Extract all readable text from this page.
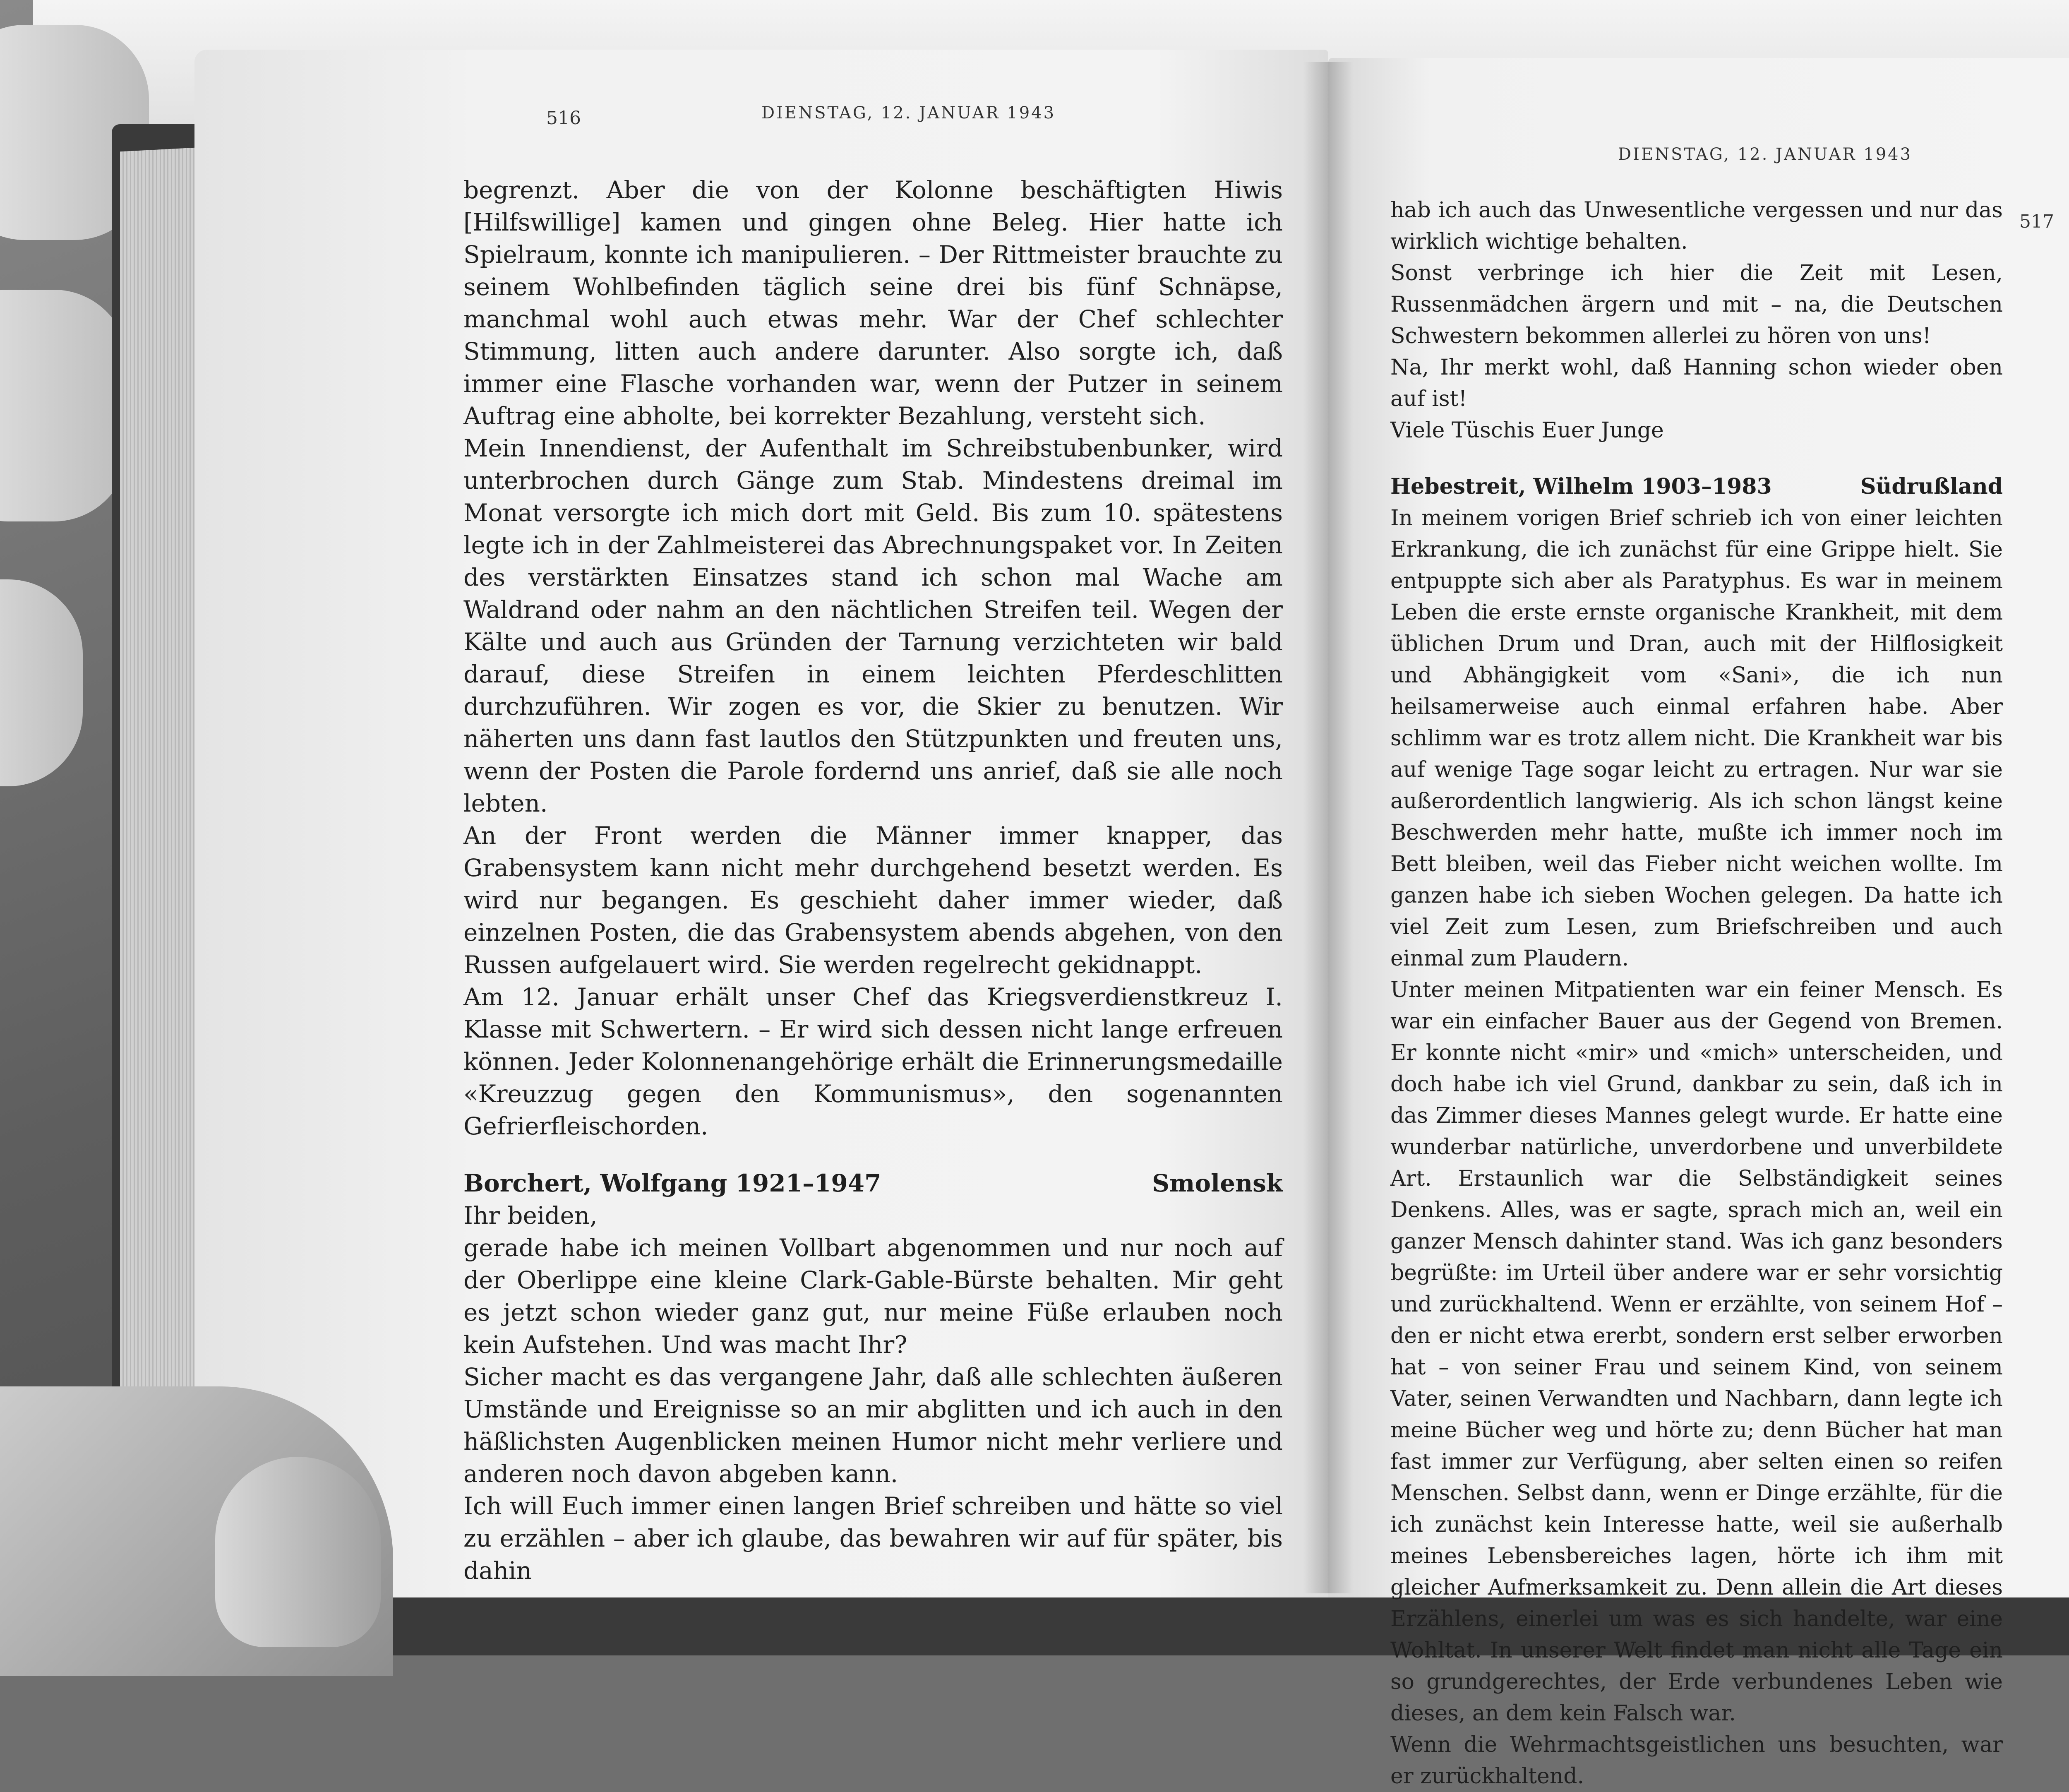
516	DIENSTAG, 12. JANUAR 1943

begrenzt. Aber die von der Kolonne beschäftigten Hiwis [Hilfswillige] kamen und gingen ohne Beleg. Hier hatte ich Spielraum, konnte ich manipulieren. – Der Rittmeister brauchte zu seinem Wohlbefinden täglich seine drei bis fünf Schnäpse, manchmal wohl auch etwas mehr. War der Chef schlechter Stimmung, litten auch andere darunter. Also sorgte ich, daß immer eine Flasche vorhanden war, wenn der Putzer in seinem Auftrag eine abholte, bei korrekter Bezahlung, versteht sich.

Mein Innendienst, der Aufenthalt im Schreibstubenbunker, wird unterbrochen durch Gänge zum Stab. Mindestens dreimal im Monat versorgte ich mich dort mit Geld. Bis zum 10. spätestens legte ich in der Zahlmeisterei das Abrechnungspaket vor. In Zeiten des verstärkten Einsatzes stand ich schon mal Wache am Waldrand oder nahm an den nächtlichen Streifen teil. Wegen der Kälte und auch aus Gründen der Tarnung verzichteten wir bald darauf, diese Streifen in einem leichten Pferdeschlitten durchzuführen. Wir zogen es vor, die Skier zu benutzen. Wir näherten uns dann fast lautlos den Stützpunkten und freuten uns, wenn der Posten die Parole fordernd uns anrief, daß sie alle noch lebten.

An der Front werden die Männer immer knapper, das Grabensystem kann nicht mehr durchgehend besetzt werden. Es wird nur begangen. Es geschieht daher immer wieder, daß einzelnen Posten, die das Grabensystem abends abgehen, von den Russen aufgelauert wird. Sie werden regelrecht gekidnappt.

Am 12. Januar erhält unser Chef das Kriegsverdienstkreuz I. Klasse mit Schwertern. – Er wird sich dessen nicht lange erfreuen können. Jeder Kolonnenangehörige erhält die Erinnerungsmedaille «Kreuzzug gegen den Kommunismus», den sogenannten Gefrierfleischorden.

Borchert, Wolfgang 1921–1947	Smolensk

Ihr beiden,

gerade habe ich meinen Vollbart abgenommen und nur noch auf der Oberlippe eine kleine Clark-Gable-Bürste behalten. Mir geht es jetzt schon wieder ganz gut, nur meine Füße erlauben noch kein Aufstehen. Und was macht Ihr?

Sicher macht es das vergangene Jahr, daß alle schlechten äußeren Umstände und Ereignisse so an mir abglitten und ich auch in den häßlichsten Augenblicken meinen Humor nicht mehr verliere und anderen noch davon abgeben kann.

Ich will Euch immer einen langen Brief schreiben und hätte so viel zu erzählen – aber ich glaube, das bewahren wir auf für später, bis dahin

DIENSTAG, 12. JANUAR 1943
517

hab ich auch das Unwesentliche vergessen und nur das wirklich wichtige behalten.

Sonst verbringe ich hier die Zeit mit Lesen, Russenmädchen ärgern und mit – na, die Deutschen Schwestern bekommen allerlei zu hören von uns!

Na, Ihr merkt wohl, daß Hanning schon wieder oben auf ist!

Viele Tüschis Euer Junge

Hebestreit, Wilhelm 1903–1983	Südrußland

In meinem vorigen Brief schrieb ich von einer leichten Erkrankung, die ich zunächst für eine Grippe hielt. Sie entpuppte sich aber als Paratyphus. Es war in meinem Leben die erste ernste organische Krankheit, mit dem üblichen Drum und Dran, auch mit der Hilflosigkeit und Abhängigkeit vom «Sani», die ich nun heilsamerweise auch einmal erfahren habe. Aber schlimm war es trotz allem nicht. Die Krankheit war bis auf wenige Tage sogar leicht zu ertragen. Nur war sie außerordentlich langwierig. Als ich schon längst keine Beschwerden mehr hatte, mußte ich immer noch im Bett bleiben, weil das Fieber nicht weichen wollte. Im ganzen habe ich sieben Wochen gelegen. Da hatte ich viel Zeit zum Lesen, zum Briefschreiben und auch einmal zum Plaudern.

Unter meinen Mitpatienten war ein feiner Mensch. Es war ein einfacher Bauer aus der Gegend von Bremen. Er konnte nicht «mir» und «mich» unterscheiden, und doch habe ich viel Grund, dankbar zu sein, daß ich in das Zimmer dieses Mannes gelegt wurde. Er hatte eine wunderbar natürliche, unverdorbene und unverbildete Art. Erstaunlich war die Selbständigkeit seines Denkens. Alles, was er sagte, sprach mich an, weil ein ganzer Mensch dahinter stand. Was ich ganz besonders begrüßte: im Urteil über andere war er sehr vorsichtig und zurückhaltend. Wenn er erzählte, von seinem Hof – den er nicht etwa ererbt, sondern erst selber erworben hat – von seiner Frau und seinem Kind, von seinem Vater, seinen Verwandten und Nachbarn, dann legte ich meine Bücher weg und hörte zu; denn Bücher hat man fast immer zur Verfügung, aber selten einen so reifen Menschen. Selbst dann, wenn er Dinge erzählte, für die ich zunächst kein Interesse hatte, weil sie außerhalb meines Lebensbereiches lagen, hörte ich ihm mit gleicher Aufmerksamkeit zu. Denn allein die Art dieses Erzählens, einerlei um was es sich handelte, war eine Wohltat. In unserer Welt findet man nicht alle Tage ein so grundgerechtes, der Erde verbundenes Leben wie dieses, an dem kein Falsch war.

Wenn die Wehrmachtsgeistlichen uns besuchten, war er zurückhaltend.
